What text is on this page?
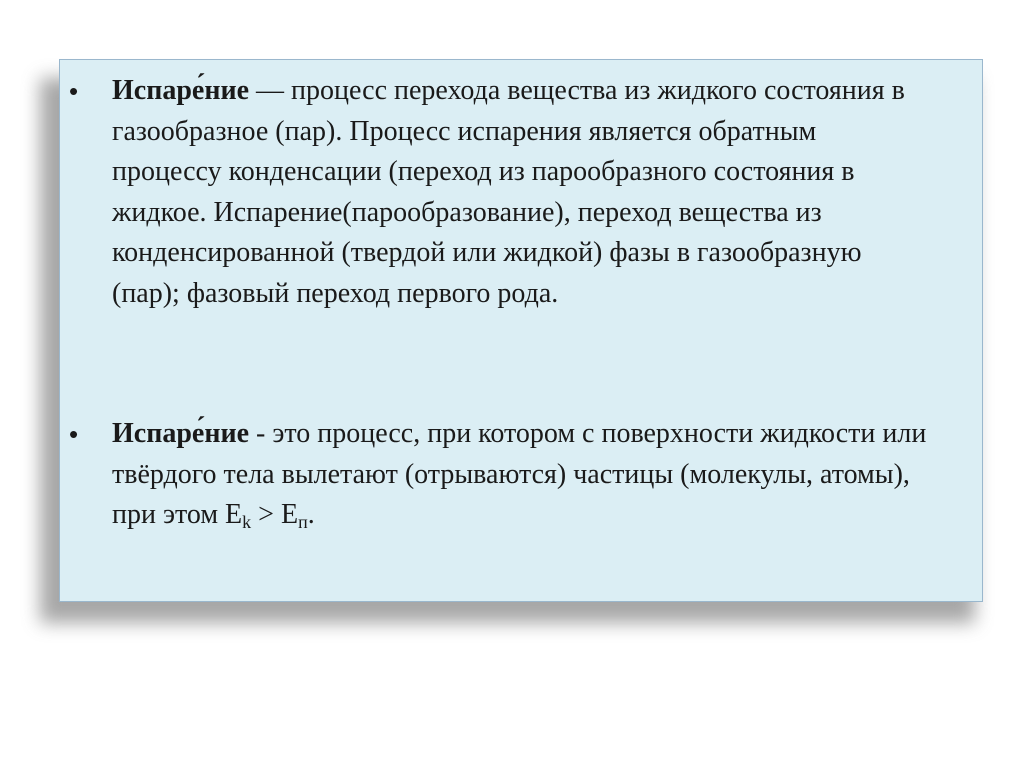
• Испаре́ние — процесс перехода вещества из жидкого состояния в газообразное (пар). Процесс испарения является обратным процессу конденсации (переход из парообразного состояния в жидкое. Испарение(парообразование), переход вещества из конденсированной (твердой или жидкой) фазы в газообразную (пар); фазовый переход первого рода.
• Испаре́ние - это процесс, при котором с поверхности жидкости или твёрдого тела вылетают (отрываются) частицы (молекулы, атомы), при этом $E_k > E_п$.
